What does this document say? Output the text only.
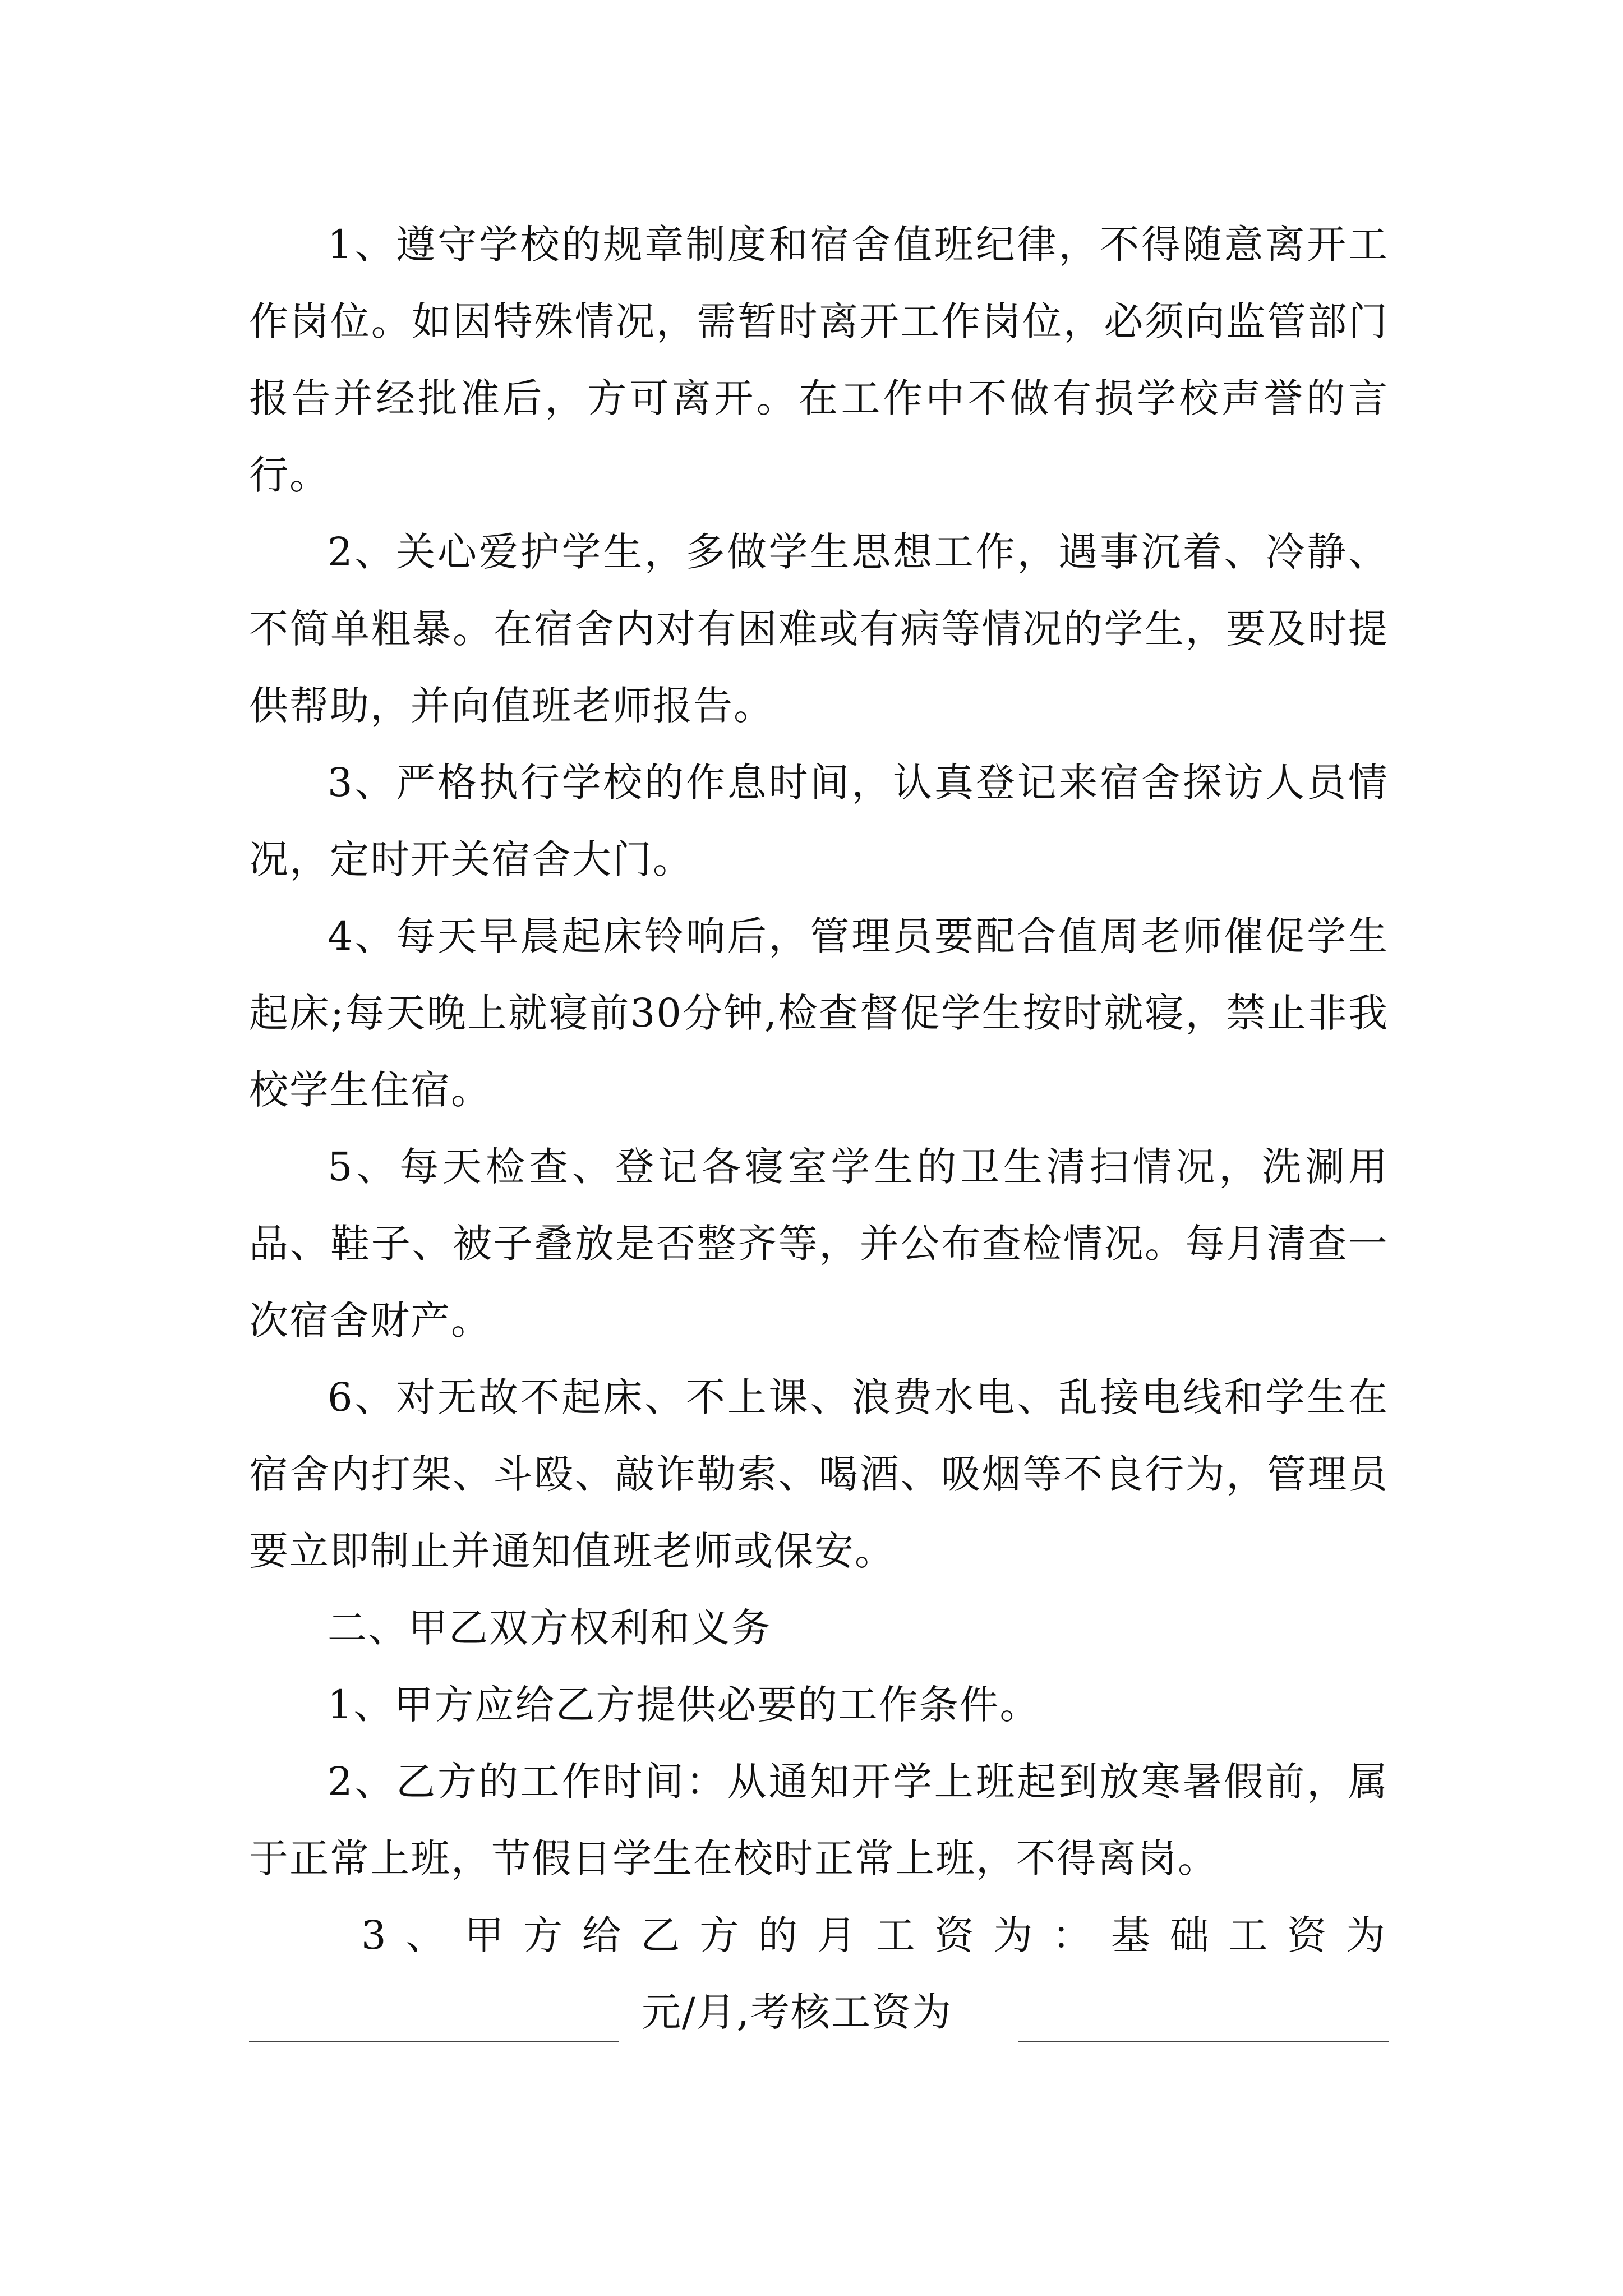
1、遵守学校的规章制度和宿舍值班纪律，不得随意离开工作岗位。如因特殊情况，需暂时离开工作岗位，必须向监管部门报告并经批准后，方可离开。在工作中不做有损学校声誉的言行。

2、关心爱护学生，多做学生思想工作，遇事沉着、冷静、不简单粗暴。在宿舍内对有困难或有病等情况的学生，要及时提供帮助，并向值班老师报告。

3、严格执行学校的作息时间，认真登记来宿舍探访人员情况，定时开关宿舍大门。

4、每天早晨起床铃响后，管理员要配合值周老师催促学生起床;每天晚上就寝前30分钟,检查督促学生按时就寝，禁止非我校学生住宿。

5、每天检查、登记各寝室学生的卫生清扫情况，洗涮用品、鞋子、被子叠放是否整齐等，并公布查检情况。每月清查一次宿舍财产。

6、对无故不起床、不上课、浪费水电、乱接电线和学生在宿舍内打架、斗殴、敲诈勒索、喝酒、吸烟等不良行为，管理员要立即制止并通知值班老师或保安。

二、甲乙双方权利和义务

1、甲方应给乙方提供必要的工作条件。

2、乙方的工作时间：从通知开学上班起到放寒暑假前，属于正常上班，节假日学生在校时正常上班，不得离岗。

3、甲方给乙方的月工资为：基础工资为

元/月,考核工资为
